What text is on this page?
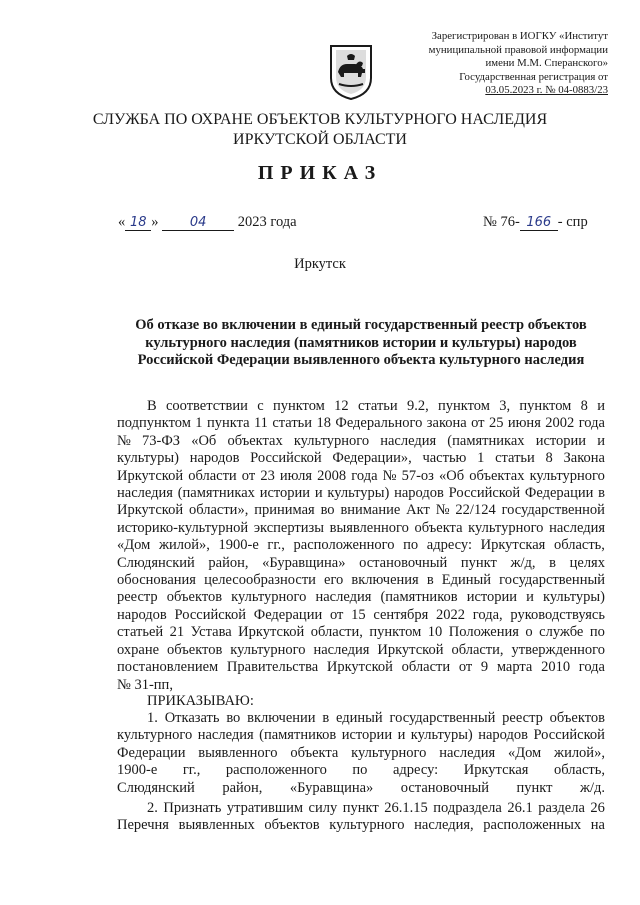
Зарегистрирован в ИОГКУ «Институт
муниципальной правовой информации
имени М.М. Сперанского»
Государственная регистрация от
03.05.2023 г. № 04-0883/23
СЛУЖБА ПО ОХРАНЕ ОБЪЕКТОВ КУЛЬТУРНОГО НАСЛЕДИЯ
ИРКУТСКОЙ ОБЛАСТИ
ПРИКАЗ
« 18 » 04 2023 года	№ 76- 166 - спр
Иркутск
Об отказе во включении в единый государственный реестр объектов
культурного наследия (памятников истории и культуры) народов
Российской Федерации выявленного объекта культурного наследия
В соответствии с пунктом 12 статьи 9.2, пунктом 3, пунктом 8 и
подпунктом 1 пункта 11 статьи 18 Федерального закона от 25 июня 2002 года
№ 73-ФЗ «Об объектах культурного наследия (памятниках истории и
культуры) народов Российской Федерации», частью 1 статьи 8 Закона
Иркутской области от 23 июля 2008 года № 57-оз «Об объектах культурного
наследия (памятниках истории и культуры) народов Российской Федерации в
Иркутской области», принимая во внимание Акт № 22/124 государственной
историко-культурной экспертизы выявленного объекта культурного наследия
«Дом жилой», 1900-е гг., расположенного по адресу: Иркутская область,
Слюдянский район, «Буравщина» остановочный пункт ж/д, в целях
обоснования целесообразности его включения в Единый государственный
реестр объектов культурного наследия (памятников истории и культуры)
народов Российской Федерации от 15 сентября 2022 года, руководствуясь
статьей 21 Устава Иркутской области, пунктом 10 Положения о службе по
охране объектов культурного наследия Иркутской области, утвержденного
постановлением Правительства Иркутской области от 9 марта 2010 года
№ 31-пп,
ПРИКАЗЫВАЮ:
1. Отказать во включении в единый государственный реестр объектов
культурного наследия (памятников истории и культуры) народов Российской
Федерации выявленного объекта культурного наследия «Дом жилой»,
1900-е гг., расположенного по адресу: Иркутская область,
Слюдянский район, «Буравщина» остановочный пункт ж/д.
2. Признать утратившим силу пункт 26.1.15 подраздела 26.1 раздела 26
Перечня выявленных объектов культурного наследия, расположенных на
